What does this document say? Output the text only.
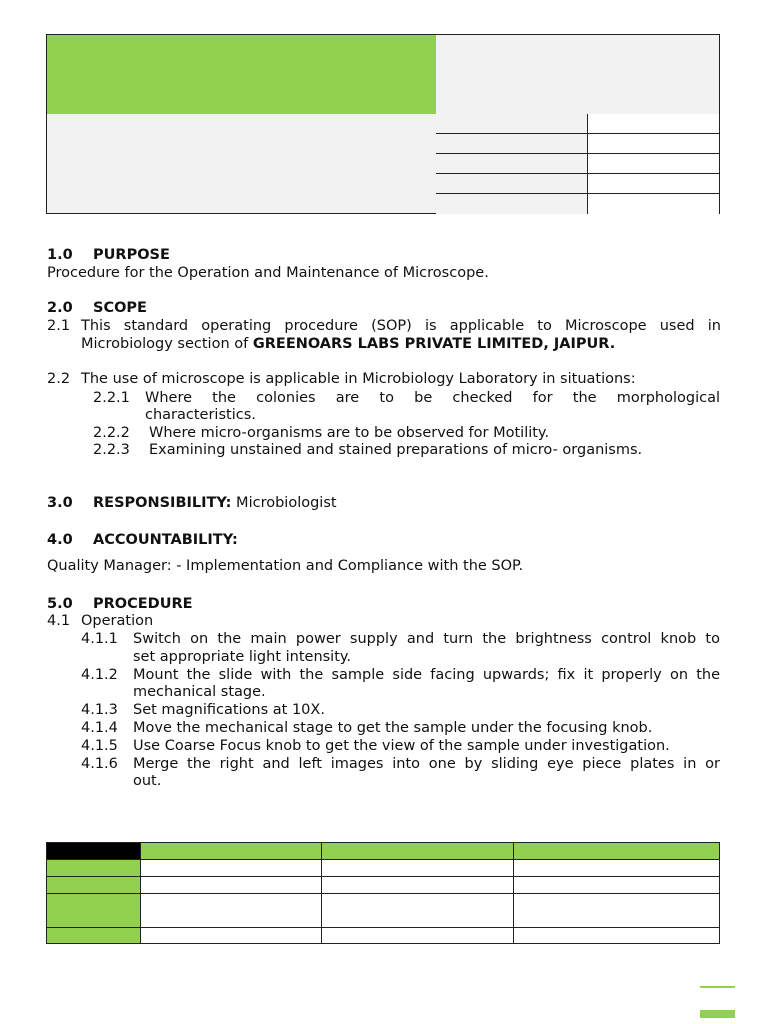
1.0 PURPOSE
Procedure for the Operation and Maintenance of Microscope.
2.0 SCOPE
2.1 This standard operating procedure (SOP) is applicable to Microscope used in
Microbiology section of GREENOARS LABS PRIVATE LIMITED, JAIPUR.
2.2 The use of microscope is applicable in Microbiology Laboratory in situations:
2.2.1 Where the colonies are to be checked for the morphological
characteristics.
2.2.2 Where micro-organisms are to be observed for Motility.
2.2.3 Examining unstained and stained preparations of micro- organisms.
3.0 RESPONSIBILITY: Microbiologist
4.0 ACCOUNTABILITY:
Quality Manager: - Implementation and Compliance with the SOP.
5.0 PROCEDURE
4.1 Operation
4.1.1 Switch on the main power supply and turn the brightness control knob to
set appropriate light intensity.
4.1.2 Mount the slide with the sample side facing upwards; fix it properly on the
mechanical stage.
4.1.3 Set magnifications at 10X.
4.1.4 Move the mechanical stage to get the sample under the focusing knob.
4.1.5 Use Coarse Focus knob to get the view of the sample under investigation.
4.1.6 Merge the right and left images into one by sliding eye piece plates in or
out.
